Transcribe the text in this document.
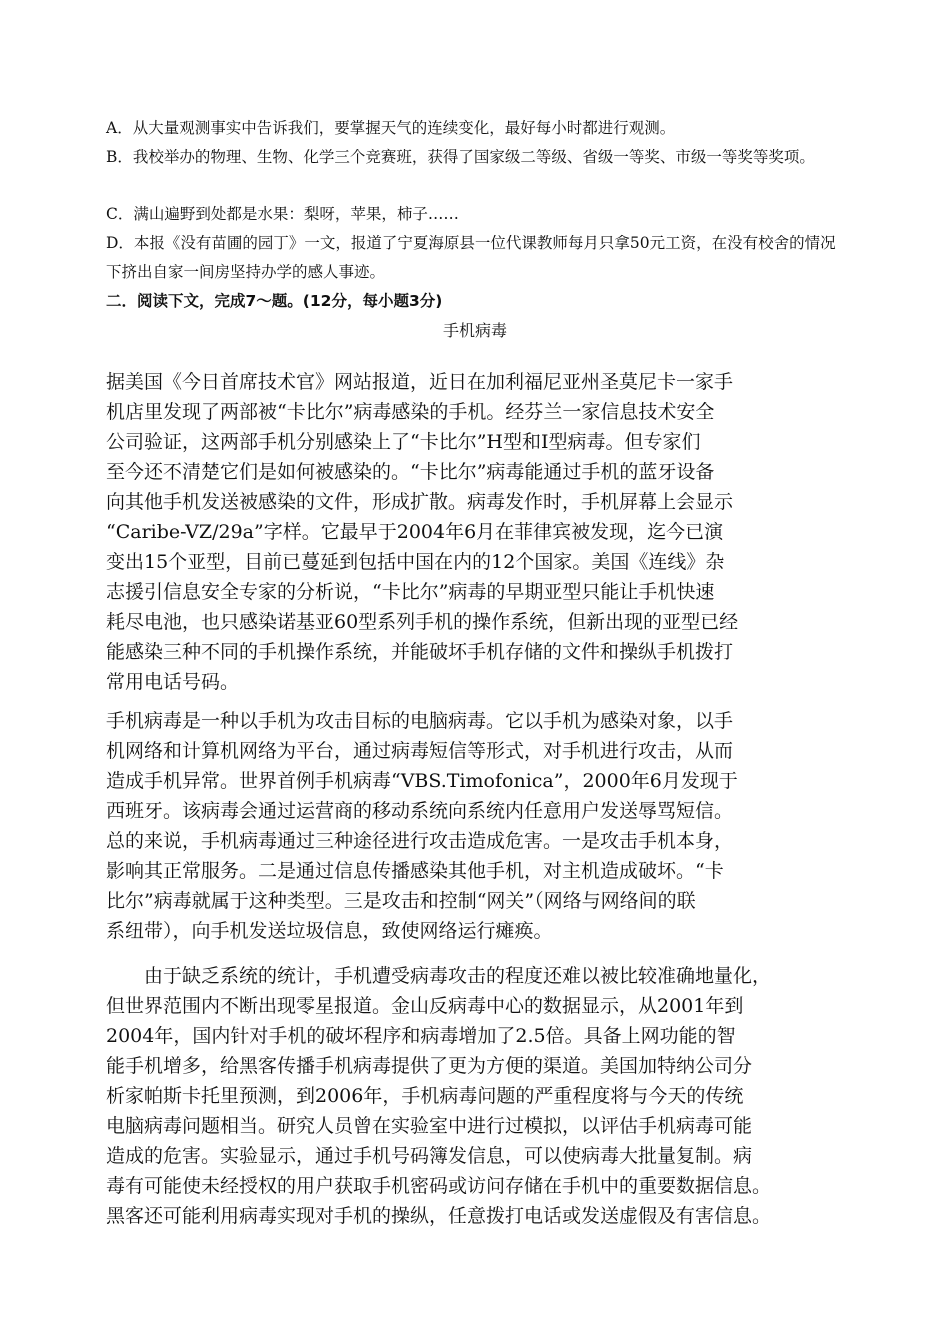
A．从大量观测事实中告诉我们，要掌握天气的连续变化，最好每小时都进行观测。
B．我校举办的物理、生物、化学三个竞赛班，获得了国家级二等级、省级一等奖、市级一等奖等奖项。
C．满山遍野到处都是水果：梨呀，苹果，柿子……
D．本报《没有苗圃的园丁》一文，报道了宁夏海原县一位代课教师每月只拿50元工资，在没有校舍的情况下挤出自家一间房坚持办学的感人事迹。
二．阅读下文，完成7～题。(12分，每小题3分)
手机病毒
据美国《今日首席技术官》网站报道，近日在加利福尼亚州圣莫尼卡一家手
机店里发现了两部被“卡比尔”病毒感染的手机。经芬兰一家信息技术安全
公司验证，这两部手机分别感染上了“卡比尔”H型和I型病毒。但专家们
至今还不清楚它们是如何被感染的。“卡比尔”病毒能通过手机的蓝牙设备
向其他手机发送被感染的文件，形成扩散。病毒发作时，手机屏幕上会显示
“Caribe-VZ/29a”字样。它最早于2004年6月在菲律宾被发现，迄今已演
变出15个亚型，目前已蔓延到包括中国在内的12个国家。美国《连线》杂
志援引信息安全专家的分析说，“卡比尔”病毒的早期亚型只能让手机快速
耗尽电池，也只感染诺基亚60型系列手机的操作系统，但新出现的亚型已经
能感染三种不同的手机操作系统，并能破坏手机存储的文件和操纵手机拨打
常用电话号码。
手机病毒是一种以手机为攻击目标的电脑病毒。它以手机为感染对象，以手
机网络和计算机网络为平台，通过病毒短信等形式，对手机进行攻击，从而
造成手机异常。世界首例手机病毒“VBS.Timofonica”，2000年6月发现于
西班牙。该病毒会通过运营商的移动系统向系统内任意用户发送辱骂短信。
总的来说，手机病毒通过三种途径进行攻击造成危害。一是攻击手机本身，
影响其正常服务。二是通过信息传播感染其他手机，对主机造成破坏。“卡
比尔”病毒就属于这种类型。三是攻击和控制“网关”（网络与网络间的联
系纽带），向手机发送垃圾信息，致使网络运行瘫痪。
由于缺乏系统的统计，手机遭受病毒攻击的程度还难以被比较准确地量化，
但世界范围内不断出现零星报道。金山反病毒中心的数据显示，从2001年到
2004年，国内针对手机的破坏程序和病毒增加了2.5倍。具备上网功能的智
能手机增多，给黑客传播手机病毒提供了更为方便的渠道。美国加特纳公司分
析家帕斯卡托里预测，到2006年，手机病毒问题的严重程度将与今天的传统
电脑病毒问题相当。研究人员曾在实验室中进行过模拟，以评估手机病毒可能
造成的危害。实验显示，通过手机号码簿发信息，可以使病毒大批量复制。病
毒有可能使未经授权的用户获取手机密码或访问存储在手机中的重要数据信息。
黑客还可能利用病毒实现对手机的操纵，任意拨打电话或发送虚假及有害信息。
